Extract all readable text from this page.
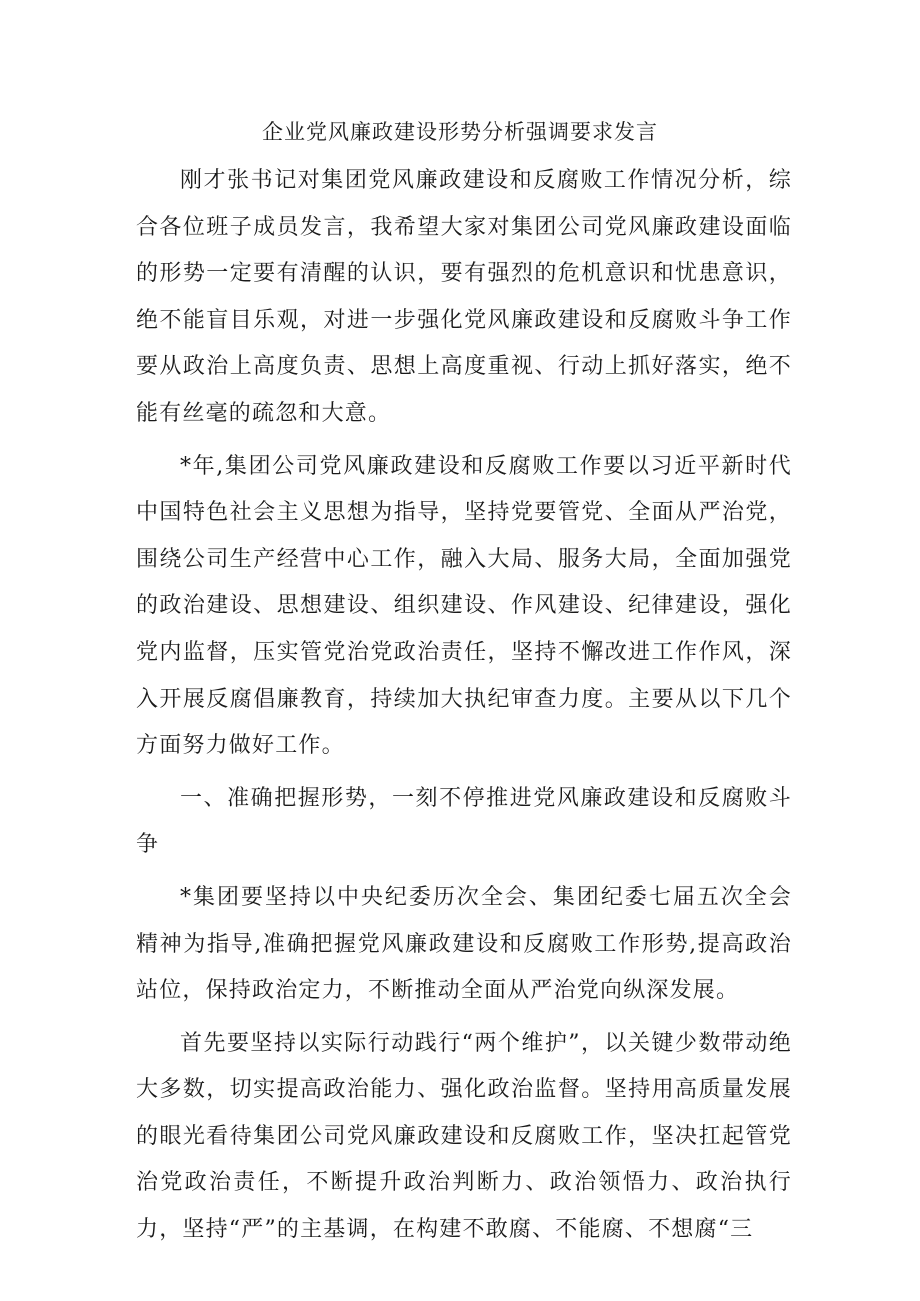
企业党风廉政建设形势分析强调要求发言

刚才张书记对集团党风廉政建设和反腐败工作情况分析，综合各位班子成员发言，我希望大家对集团公司党风廉政建设面临的形势一定要有清醒的认识，要有强烈的危机意识和忧患意识，绝不能盲目乐观，对进一步强化党风廉政建设和反腐败斗争工作要从政治上高度负责、思想上高度重视、行动上抓好落实，绝不能有丝毫的疏忽和大意。

*年,集团公司党风廉政建设和反腐败工作要以习近平新时代中国特色社会主义思想为指导，坚持党要管党、全面从严治党，围绕公司生产经营中心工作，融入大局、服务大局，全面加强党的政治建设、思想建设、组织建设、作风建设、纪律建设，强化党内监督，压实管党治党政治责任，坚持不懈改进工作作风，深入开展反腐倡廉教育，持续加大执纪审查力度。主要从以下几个方面努力做好工作。

一、准确把握形势，一刻不停推进党风廉政建设和反腐败斗争

*集团要坚持以中央纪委历次全会、集团纪委七届五次全会精神为指导,准确把握党风廉政建设和反腐败工作形势,提高政治站位，保持政治定力，不断推动全面从严治党向纵深发展。

首先要坚持以实际行动践行“两个维护”，以关键少数带动绝大多数，切实提高政治能力、强化政治监督。坚持用高质量发展的眼光看待集团公司党风廉政建设和反腐败工作，坚决扛起管党治党政治责任，不断提升政治判断力、政治领悟力、政治执行力，坚持“严”的主基调，在构建不敢腐、不能腐、不想腐“三
